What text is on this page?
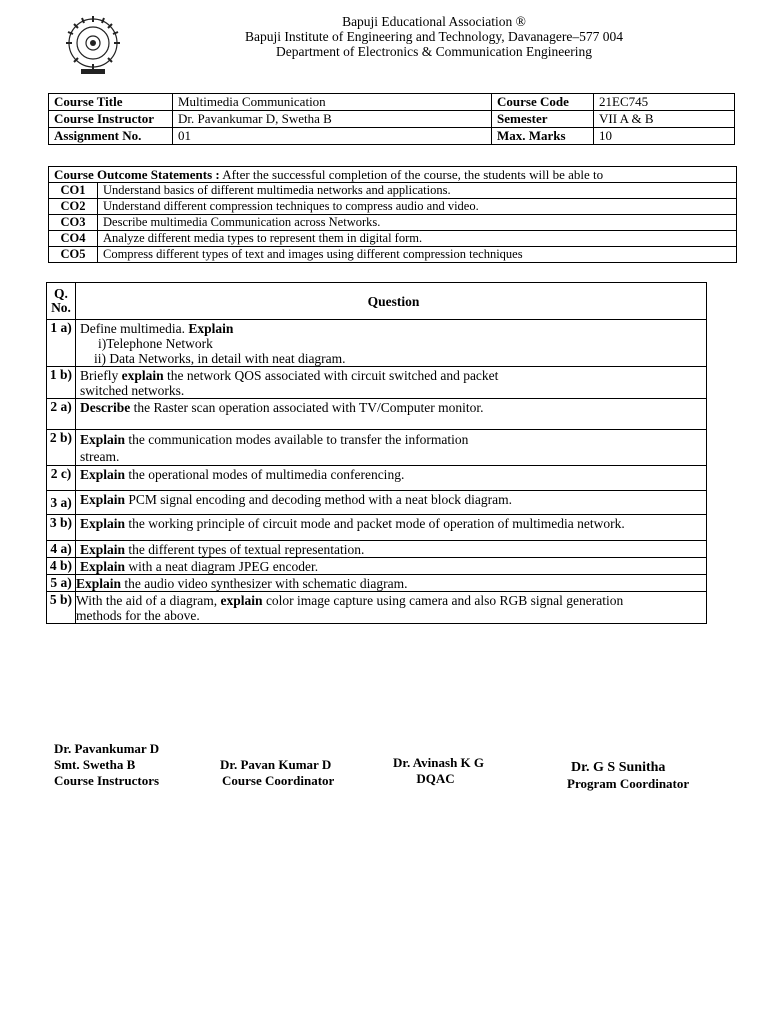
Bapuji Educational Association ®
Bapuji Institute of Engineering and Technology, Davanagere–577 004
Department of Electronics & Communication Engineering
Course Title	Multimedia Communication	Course Code	21EC745
Course Instructor	Dr. Pavankumar D, Swetha B	Semester	VII A & B
Assignment No.	01	Max. Marks	10
Course Outcome Statements : After the successful completion of the course, the students will be able to	
CO1	Understand basics of different multimedia networks and applications.
CO2	Understand different compression techniques to compress audio and video.
CO3	Describe multimedia Communication across Networks.
CO4	Analyze different media types to represent them in digital form.
CO5	Compress different types of text and images using different compression techniques
Q.
No.	Question
1 a)	Define multimedia. Explain
i)Telephone Network
ii) Data Networks, in detail with neat diagram.
1 b)	Briefly explain the network QOS associated with circuit switched and packet
switched networks.
2 a)	Describe the Raster scan operation associated with TV/Computer monitor.
2 b)	Explain the communication modes available to transfer the information
stream.
2 c)	Explain the operational modes of multimedia conferencing.
3 a)	Explain PCM signal encoding and decoding method with a neat block diagram.
3 b)	Explain the working principle of circuit mode and packet mode of operation of multimedia network.
4 a)	Explain the different types of textual representation.
4 b)	Explain with a neat diagram JPEG encoder.
5 a)	Explain the audio video synthesizer with schematic diagram.
5 b)	With the aid of a diagram, explain color image capture using camera and also RGB signal generation
methods for the above.
Dr. Pavankumar D
Smt. Swetha B
Course Instructors
Dr. Pavan Kumar D
Course Coordinator
Dr. Avinash K G
DQAC
Dr. G S Sunitha
Program Coordinator
